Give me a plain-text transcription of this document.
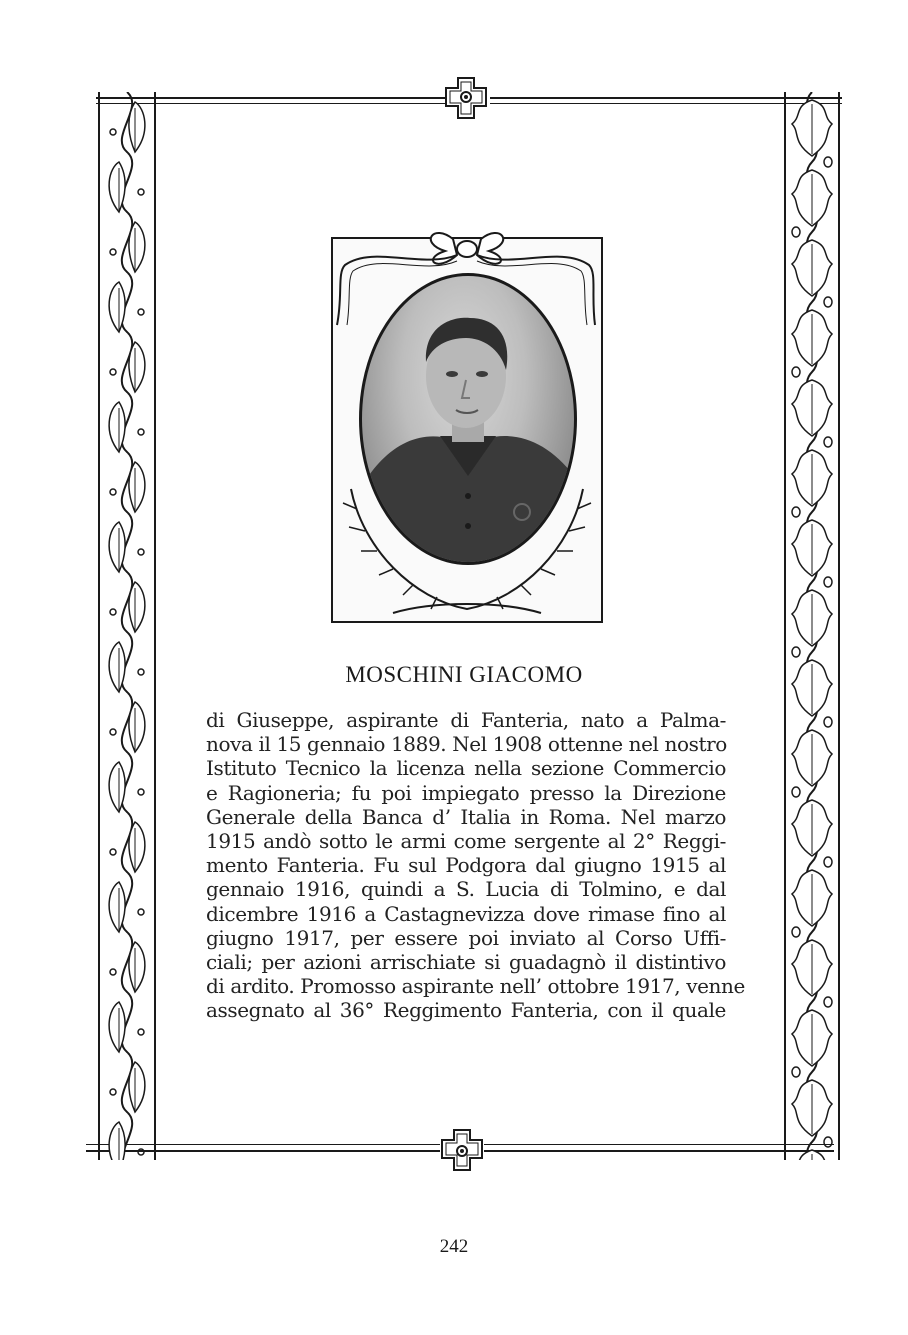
MOSCHINI GIACOMO
di Giuseppe, aspirante di Fanteria, nato a Palma-
nova il 15 gennaio 1889. Nel 1908 ottenne nel nostro
Istituto Tecnico la licenza nella sezione Commercio
e Ragioneria; fu poi impiegato presso la Direzione
Generale della Banca d’ Italia in Roma. Nel marzo
1915 andò sotto le armi come sergente al 2° Reggi-
mento Fanteria. Fu sul Podgora dal giugno 1915 al
gennaio 1916, quindi a S. Lucia di Tolmino, e dal
dicembre 1916 a Castagnevizza dove rimase fino al
giugno 1917, per essere poi inviato al Corso Uffi-
ciali; per azioni arrischiate si guadagnò il distintivo
di ardito. Promosso aspirante nell’ ottobre 1917, venne
assegnato al 36° Reggimento Fanteria, con il quale
242
